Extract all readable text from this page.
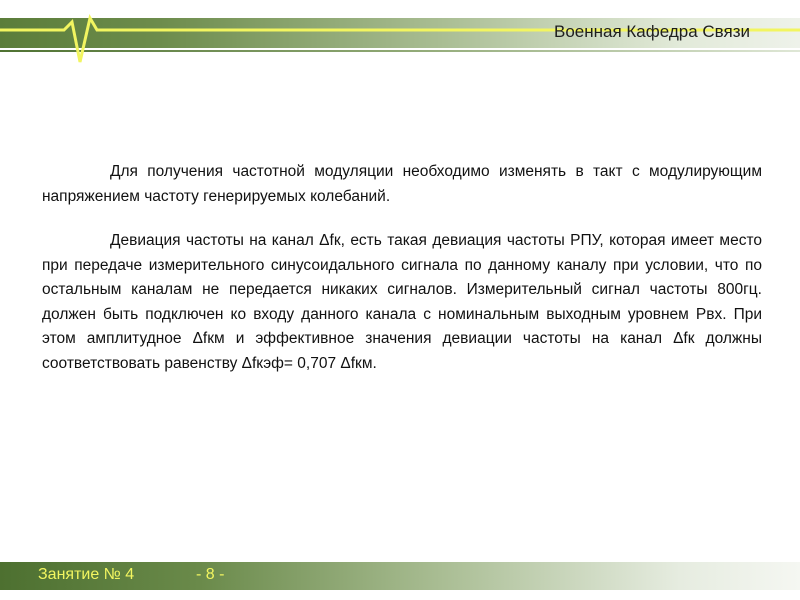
Военная Кафедра Связи

Для получения частотной модуляции необходимо изменять в такт с модулирующим напряжением частоту генерируемых колебаний.

Девиация частоты на канал Δfк, есть такая девиация частоты РПУ, которая имеет место при передаче измерительного синусоидального сигнала по данному каналу при условии, что по остальным каналам не передается никаких сигналов. Измерительный сигнал частоты 800гц. должен быть подключен ко входу данного канала с номинальным выходным уровнем Рвх. При этом амплитудное Δfкм и эффективное значения девиации частоты на канал Δfк должны соответствовать равенству Δfкэф= 0,707 Δfкм.

Занятие № 4	- 8 -
